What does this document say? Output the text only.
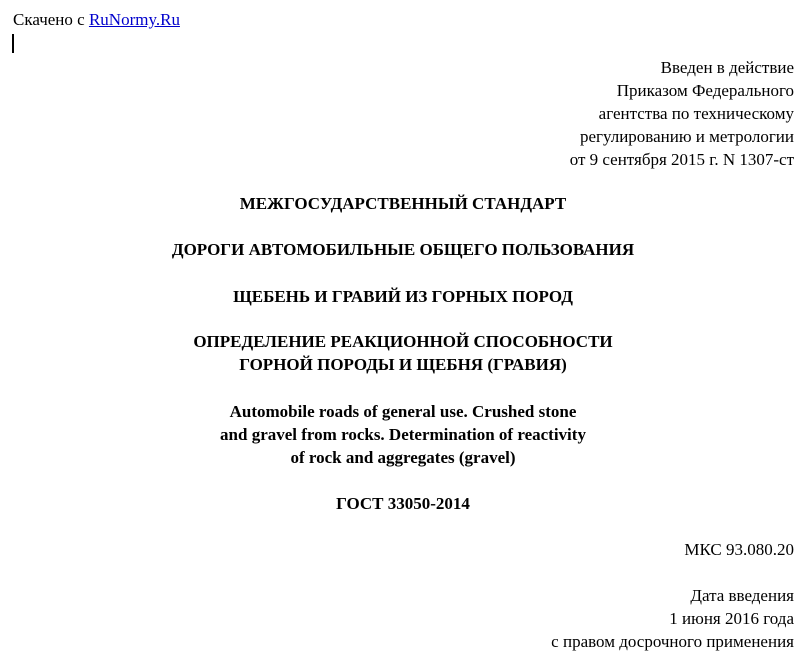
Скачено с RuNormy.Ru
Введен в действие
Приказом Федерального
агентства по техническому
регулированию и метрологии
от 9 сентября 2015 г. N 1307-ст
МЕЖГОСУДАРСТВЕННЫЙ СТАНДАРТ
ДОРОГИ АВТОМОБИЛЬНЫЕ ОБЩЕГО ПОЛЬЗОВАНИЯ
ЩЕБЕНЬ И ГРАВИЙ ИЗ ГОРНЫХ ПОРОД
ОПРЕДЕЛЕНИЕ РЕАКЦИОННОЙ СПОСОБНОСТИ
ГОРНОЙ ПОРОДЫ И ЩЕБНЯ (ГРАВИЯ)
Automobile roads of general use. Crushed stone
and gravel from rocks. Determination of reactivity
of rock and aggregates (gravel)
ГОСТ 33050-2014
МКС 93.080.20
Дата введения
1 июня 2016 года
с правом досрочного применения
